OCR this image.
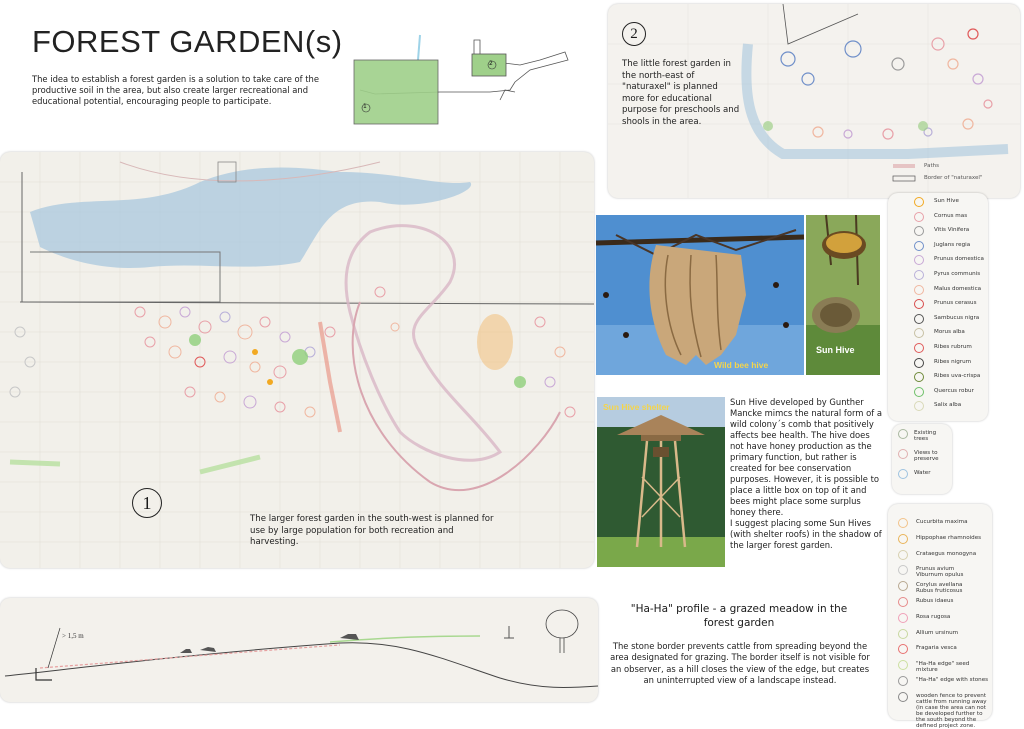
FOREST GARDEN(s)
The idea to establish a forest garden is a solution to take care of the productive soil in the area, but also create larger recreational and educational potential, encouraging people to participate.
1
2
2
The little forest garden in the north-east of "naturaxel" is planned more for educational purpose for preschools and shools in the area.
Paths
Border of "naturaxel"
1
The larger forest garden in the south-west is planned for use by large population for both recreation and harvesting.
Wild bee hive
Sun Hive
Sun Hive shelter	Sun Hive developed by Gunther Mancke mimcs the natural form of a wild colony´s comb that positively affects bee health. The hive does not have honey production as the primary function, but rather is created for bee conservation purposes. However, it is possible to place a little box on top of it and bees might place some surplus honey there.
I suggest placing some Sun Hives (with shelter roofs) in the shadow of the larger forest garden.
Sun Hive
Cornus mas
Vitis Vinifera
Juglans regia
Prunus domestica
Pyrus communis
Malus domestica
Prunus cerasus
Sambucus nigra
Morus alba
Ribes rubrum
Ribes nigrum
Ribes uva-crispa
Quercus robur
Salix alba
Existing trees
Views to preserve
Water
Cucurbita maxima
Hippophae rhamnoides
Crataegus monogyna
Prunus avium
Viburnum opulus
Corylus avellana
Rubus fruticosus
Rubus idaeus
Rosa rugosa
Allium ursinum
Fragaria vesca
"Ha-Ha edge" seed mixture
"Ha-Ha" edge with stones
wooden fence to prevent cattle from running away (in case the area can not be developed further to the south beyond the defined project zone.
> 1,5 m
"Ha-Ha" profile - a grazed meadow in the forest garden
The stone border prevents cattle from spreading beyond the area designated for grazing. The border itself is not visible for an observer, as a hill closes the view of the edge, but creates an uninterrupted view of a landscape instead.
